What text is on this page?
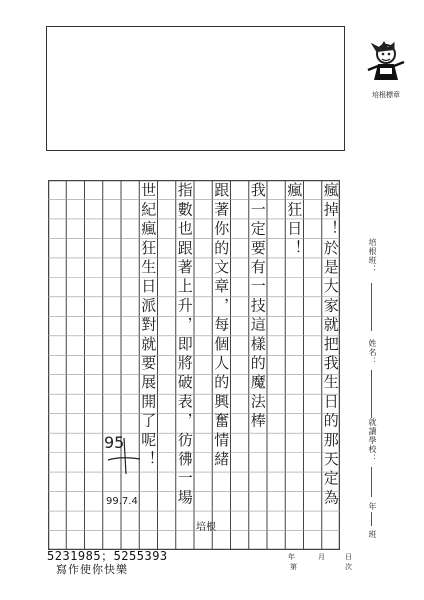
培根標章
瘋掉！於是大家就把我生日的那天定為
瘋狂日！
我一定要有一技這樣的魔法棒
跟著你的文章，每個人的興奮情緒
指數也跟著上升，即將破表，彷彿一場
世紀瘋狂生日派對就要展開了呢！	培根班：
姓名：
就讀學校：
年
班
年
第
月	日
次
95
99.7.4
培根
5231985；5255393
寫作使你快樂
